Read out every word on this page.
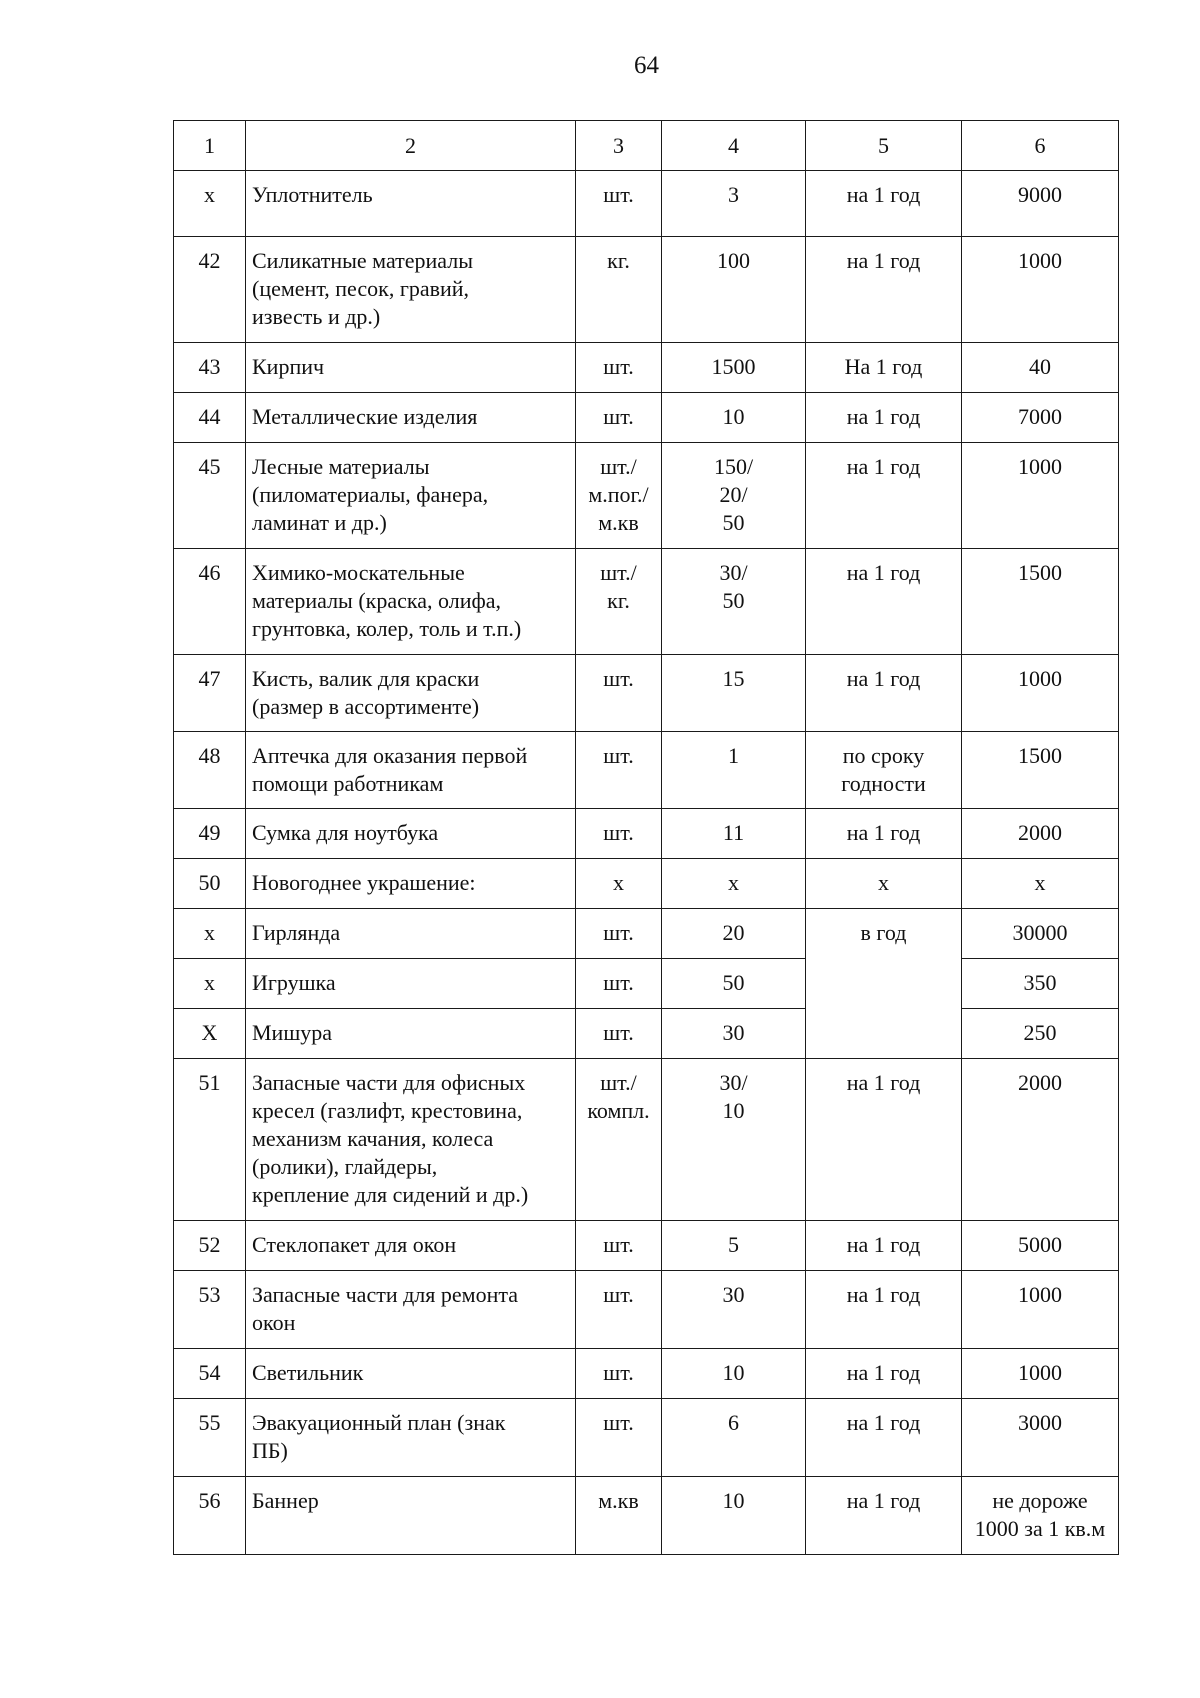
64
1	2	3	4	5	6
х	Уплотнитель	шт.	3	на 1 год	9000

42	Силикатные материалы
(цемент, песок, гравий,
известь и др.)	кг.	100	на 1 год	1000

43	Кирпич	шт.	1500	На 1 год	40

44	Металлические изделия	шт.	10	на 1 год	7000

45	Лесные материалы
(пиломатериалы, фанера,
ламинат и др.)	шт./
м.пог./
м.кв	150/
20/
50	на 1 год	1000

46	Химико-москательные
материалы (краска, олифа,
грунтовка, колер, толь и т.п.)	шт./
кг.	30/
50	на 1 год	1500

47	Кисть, валик для краски
(размер в ассортименте)	шт.	15	на 1 год	1000

48	Аптечка для оказания первой
помощи работникам	шт.	1	по сроку
годности	1500

49	Сумка для ноутбука	шт.	11	на 1 год	2000

50	Новогоднее украшение:	х	х	х	х

х	Гирлянда	шт.	20	в год	30000

х	Игрушка	шт.	50		350

Х	Мишура	шт.	30		250

51	Запасные части для офисных
кресел (газлифт, крестовина,
механизм качания, колеса
(ролики), глайдеры,
крепление для сидений и др.)	шт./
компл.	30/
10	на 1 год	2000

52	Стеклопакет для окон	шт.	5	на 1 год	5000

53	Запасные части для ремонта
окон	шт.	30	на 1 год	1000

54	Светильник	шт.	10	на 1 год	1000

55	Эвакуационный план (знак
ПБ)	шт.	6	на 1 год	3000

56	Баннер	м.кв	10	на 1 год	не дороже
1000 за 1 кв.м
